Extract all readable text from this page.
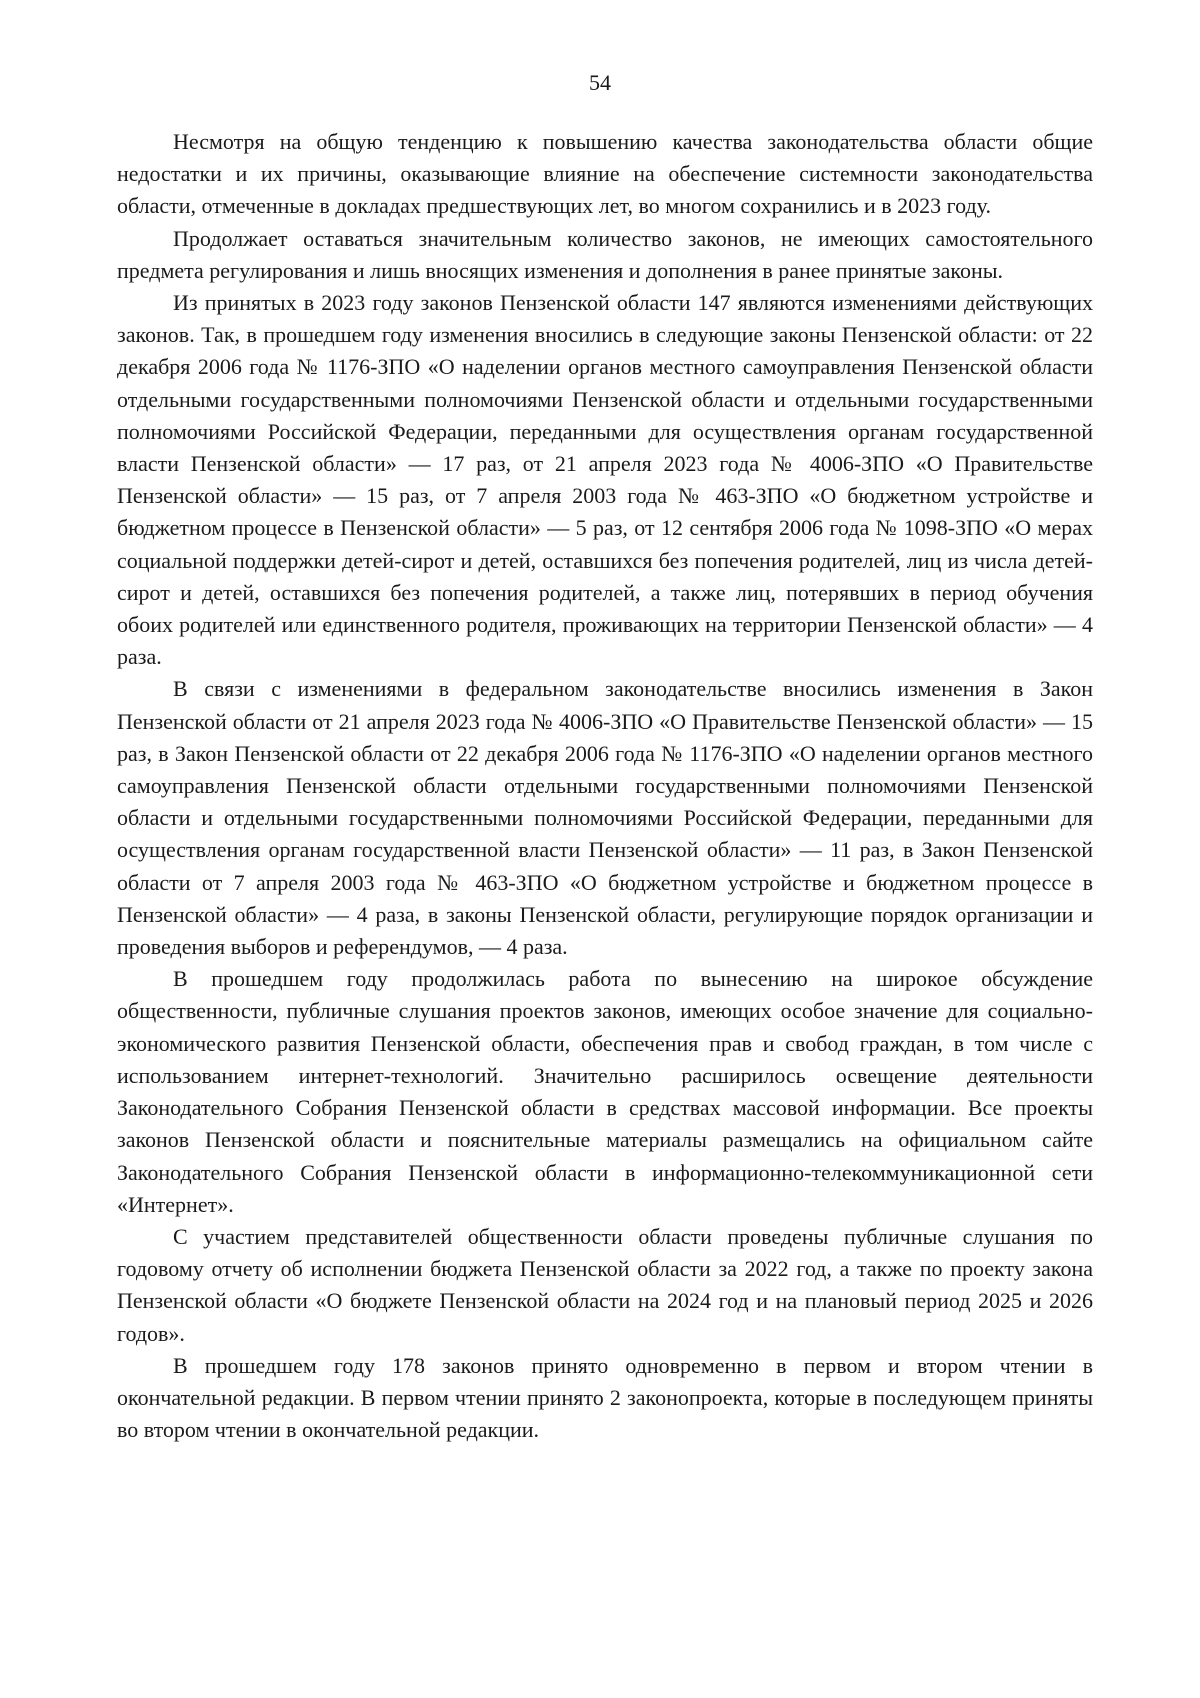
54

Несмотря на общую тенденцию к повышению качества законодательства области общие недостатки и их причины, оказывающие влияние на обеспечение системности законодательства области, отмеченные в докладах предшествующих лет, во многом сохранились и в 2023 году.

Продолжает оставаться значительным количество законов, не имеющих самостоятельного предмета регулирования и лишь вносящих изменения и дополнения в ранее принятые законы.

Из принятых в 2023 году законов Пензенской области 147 являются изменениями действующих законов. Так, в прошедшем году изменения вносились в следующие законы Пензенской области: от 22 декабря 2006 года № 1176-ЗПО «О наделении органов местного самоуправления Пензенской области отдельными государственными полномочиями Пензенской области и отдельными государственными полномочиями Российской Федерации, переданными для осуществления органам государственной власти Пензенской области» — 17 раз, от 21 апреля 2023 года № 4006-ЗПО «О Правительстве Пензенской области» — 15 раз, от 7 апреля 2003 года № 463-ЗПО «О бюджетном устройстве и бюджетном процессе в Пензенской области» — 5 раз, от 12 сентября 2006 года № 1098-ЗПО «О мерах социальной поддержки детей-сирот и детей, оставшихся без попечения родителей, лиц из числа детей-сирот и детей, оставшихся без попечения родителей, а также лиц, потерявших в период обучения обоих родителей или единственного родителя, проживающих на территории Пензенской области» — 4 раза.

В связи с изменениями в федеральном законодательстве вносились изменения в Закон Пензенской области от 21 апреля 2023 года № 4006-ЗПО «О Правительстве Пензенской области» — 15 раз, в Закон Пензенской области от 22 декабря 2006 года № 1176-ЗПО «О наделении органов местного самоуправления Пензенской области отдельными государственными полномочиями Пензенской области и отдельными государственными полномочиями Российской Федерации, переданными для осуществления органам государственной власти Пензенской области» — 11 раз, в Закон Пензенской области от 7 апреля 2003 года № 463-ЗПО «О бюджетном устройстве и бюджетном процессе в Пензенской области» — 4 раза, в законы Пензенской области, регулирующие порядок организации и проведения выборов и референдумов, — 4 раза.

В прошедшем году продолжилась работа по вынесению на широкое обсуждение общественности, публичные слушания проектов законов, имеющих особое значение для социально-экономического развития Пензенской области, обеспечения прав и свобод граждан, в том числе с использованием интернет-технологий. Значительно расширилось освещение деятельности Законодательного Собрания Пензенской области в средствах массовой информации. Все проекты законов Пензенской области и пояснительные материалы размещались на официальном сайте Законодательного Собрания Пензенской области в информационно-телекоммуникационной сети «Интернет».

С участием представителей общественности области проведены публичные слушания по годовому отчету об исполнении бюджета Пензенской области за 2022 год, а также по проекту закона Пензенской области «О бюджете Пензенской области на 2024 год и на плановый период 2025 и 2026 годов».

В прошедшем году 178 законов принято одновременно в первом и втором чтении в окончательной редакции. В первом чтении принято 2 законопроекта, которые в последующем приняты во втором чтении в окончательной редакции.
